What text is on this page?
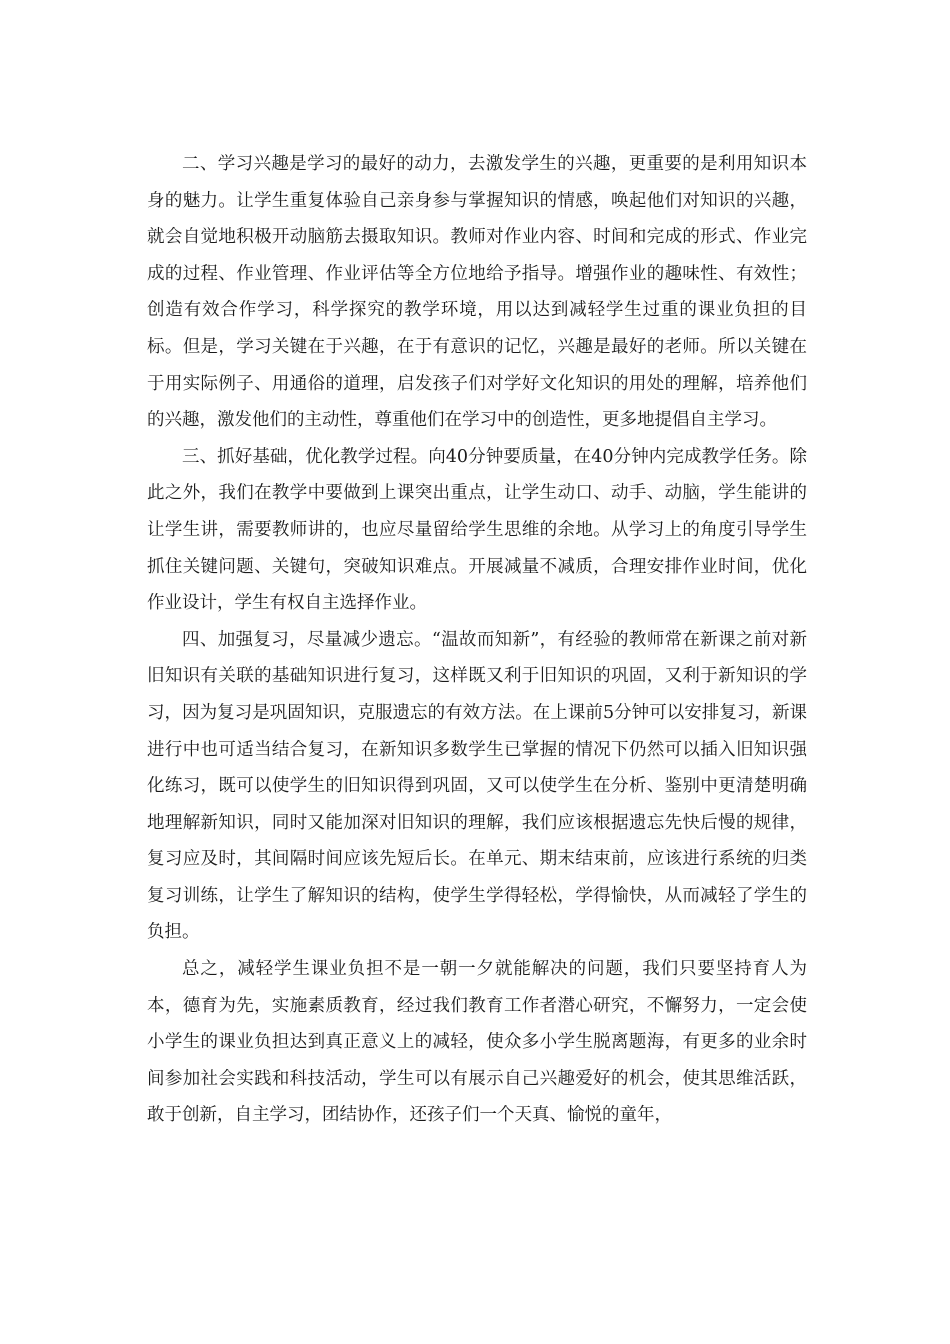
二、学习兴趣是学习的最好的动力，去激发学生的兴趣，更重要的是利用知识本身的魅力。让学生重复体验自己亲身参与掌握知识的情感，唤起他们对知识的兴趣，就会自觉地积极开动脑筋去摄取知识。教师对作业内容、时间和完成的形式、作业完成的过程、作业管理、作业评估等全方位地给予指导。增强作业的趣味性、有效性；创造有效合作学习，科学探究的教学环境，用以达到减轻学生过重的课业负担的目标。但是，学习关键在于兴趣，在于有意识的记忆，兴趣是最好的老师。所以关键在于用实际例子、用通俗的道理，启发孩子们对学好文化知识的用处的理解，培养他们的兴趣，激发他们的主动性，尊重他们在学习中的创造性，更多地提倡自主学习。

三、抓好基础，优化教学过程。向40分钟要质量，在40分钟内完成教学任务。除此之外，我们在教学中要做到上课突出重点，让学生动口、动手、动脑，学生能讲的让学生讲，需要教师讲的，也应尽量留给学生思维的余地。从学习上的角度引导学生抓住关键问题、关键句，突破知识难点。开展减量不减质，合理安排作业时间，优化作业设计，学生有权自主选择作业。

四、加强复习，尽量减少遗忘。“温故而知新”，有经验的教师常在新课之前对新旧知识有关联的基础知识进行复习，这样既又利于旧知识的巩固，又利于新知识的学习，因为复习是巩固知识，克服遗忘的有效方法。在上课前5分钟可以安排复习，新课进行中也可适当结合复习，在新知识多数学生已掌握的情况下仍然可以插入旧知识强化练习，既可以使学生的旧知识得到巩固，又可以使学生在分析、鉴别中更清楚明确地理解新知识，同时又能加深对旧知识的理解，我们应该根据遗忘先快后慢的规律，复习应及时，其间隔时间应该先短后长。在单元、期末结束前，应该进行系统的归类复习训练，让学生了解知识的结构，使学生学得轻松，学得愉快，从而减轻了学生的负担。

总之，减轻学生课业负担不是一朝一夕就能解决的问题，我们只要坚持育人为本，德育为先，实施素质教育，经过我们教育工作者潜心研究，不懈努力，一定会使小学生的课业负担达到真正意义上的减轻，使众多小学生脱离题海，有更多的业余时间参加社会实践和科技活动，学生可以有展示自己兴趣爱好的机会，使其思维活跃，敢于创新，自主学习，团结协作，还孩子们一个天真、愉悦的童年，
